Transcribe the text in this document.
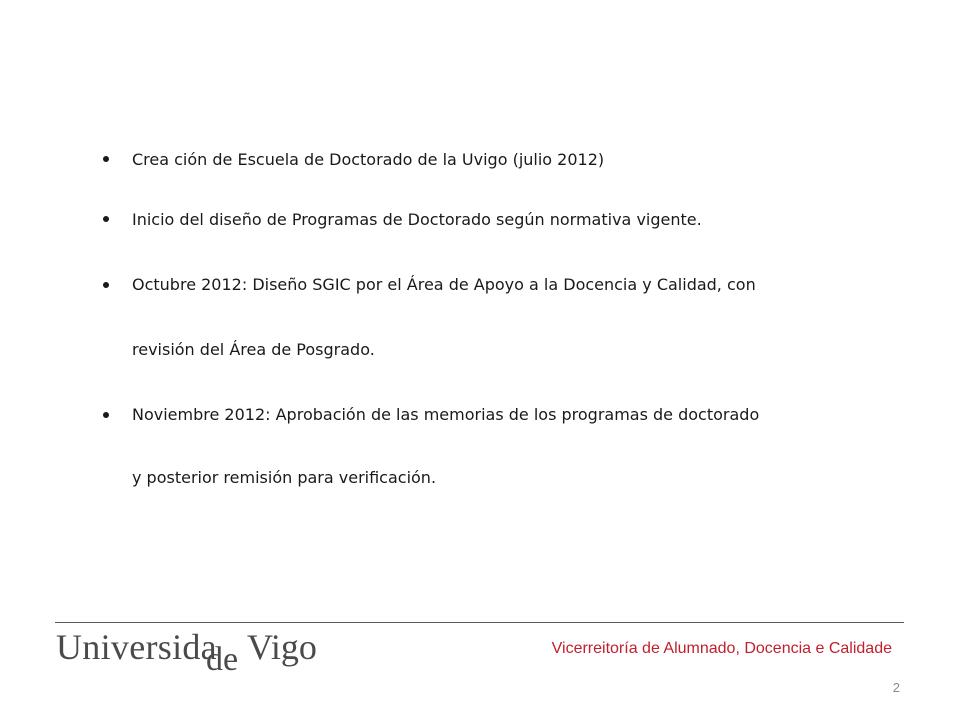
Crea ción de Escuela de Doctorado de la Uvigo (julio 2012)
Inicio del diseño de Programas de Doctorado según normativa vigente.
Octubre 2012: Diseño SGIC por el Área de Apoyo a la Docencia y Calidad, con
revisión del Área de Posgrado.
Noviembre 2012: Aprobación de las memorias de los programas de doctorado
y posterior remisión para verificación.
Universida
de Vigo	Vicerreitoría de Alumnado, Docencia e Calidade
2
